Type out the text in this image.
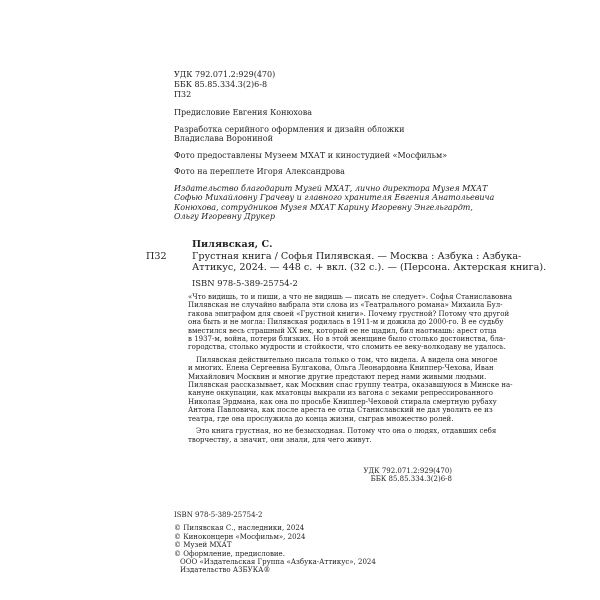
УДК 792.071.2:929(470)
ББК 85.85.334.3(2)6-8
П32
Предисловие Евгения Конюхова
Разработка серийного оформления и дизайн обложки
Владислава Ворониной
Фото предоставлены Музеем МХАТ и киностудией «Мосфильм»
Фото на переплете Игоря Александрова
Издательство благодарит Музей МХАТ, лично директора Музея МХАТ
Софью Михайловну Грачеву и главного хранителя Евгения Анатольевича
Конюхова, сотрудников Музея МХАТ Карину Игоревну Энгельгардт,
Ольгу Игоревну Друкер
Пилявская, С.
П32	Грустная книга / Софья Пилявская. — Москва : Азбука : Азбука-
Аттикус, 2024. — 448 с. + вкл. (32 с.). — (Персона. Актерская книга).
ISBN 978-5-389-25754-2
«Что видишь, то и пиши, а что не видишь — писать не следует». Софья Станиславовна
Пилявская не случайно выбрала эти слова из «Театрального романа» Михаила Бул-
гакова эпиграфом для своей «Грустной книги». Почему грустной? Потому что другой
она быть и не могла: Пилявская родилась в 1911-м и дожила до 2000-го. В ее судьбу
вместился весь страшный XX век, который ее не щадил, бил наотмашь: арест отца
в 1937-м, война, потери близких. Но в этой женщине было столько достоинства, бла-
городства, столько мудрости и стойкости, что сломить ее веку-волкодаву не удалось.
Пилявская действительно писала только о том, что видела. А видела она многое
и многих. Елена Сергеевна Булгакова, Ольга Леонардовна Книппер-Чехова, Иван
Михайлович Москвин и многие другие предстают перед нами живыми людьми.
Пилявская рассказывает, как Москвин спас группу театра, оказавшуюся в Минске на-
кануне оккупации, как мхатовцы выкрали из вагона с зеками репрессированного
Николая Эрдмана, как она по просьбе Книппер-Чеховой стирала смертную рубаху
Антона Павловича, как после ареста ее отца Станиславский не дал уволить ее из
театра, где она прослужила до конца жизни, сыграв множество ролей.
Это книга грустная, но не безысходная. Потому что она о людях, отдавших себя
творчеству, а значит, они знали, для чего живут.
УДК 792.071.2:929(470)
ББК 85.85.334.3(2)6-8
ISBN 978-5-389-25754-2
© Пилявская С., наследники, 2024
© Киноконцерн «Мосфильм», 2024
© Музей МХАТ
© Оформление, предисловие.
ООО «Издательская Группа «Азбука-Аттикус», 2024
Издательство АЗБУКА®
